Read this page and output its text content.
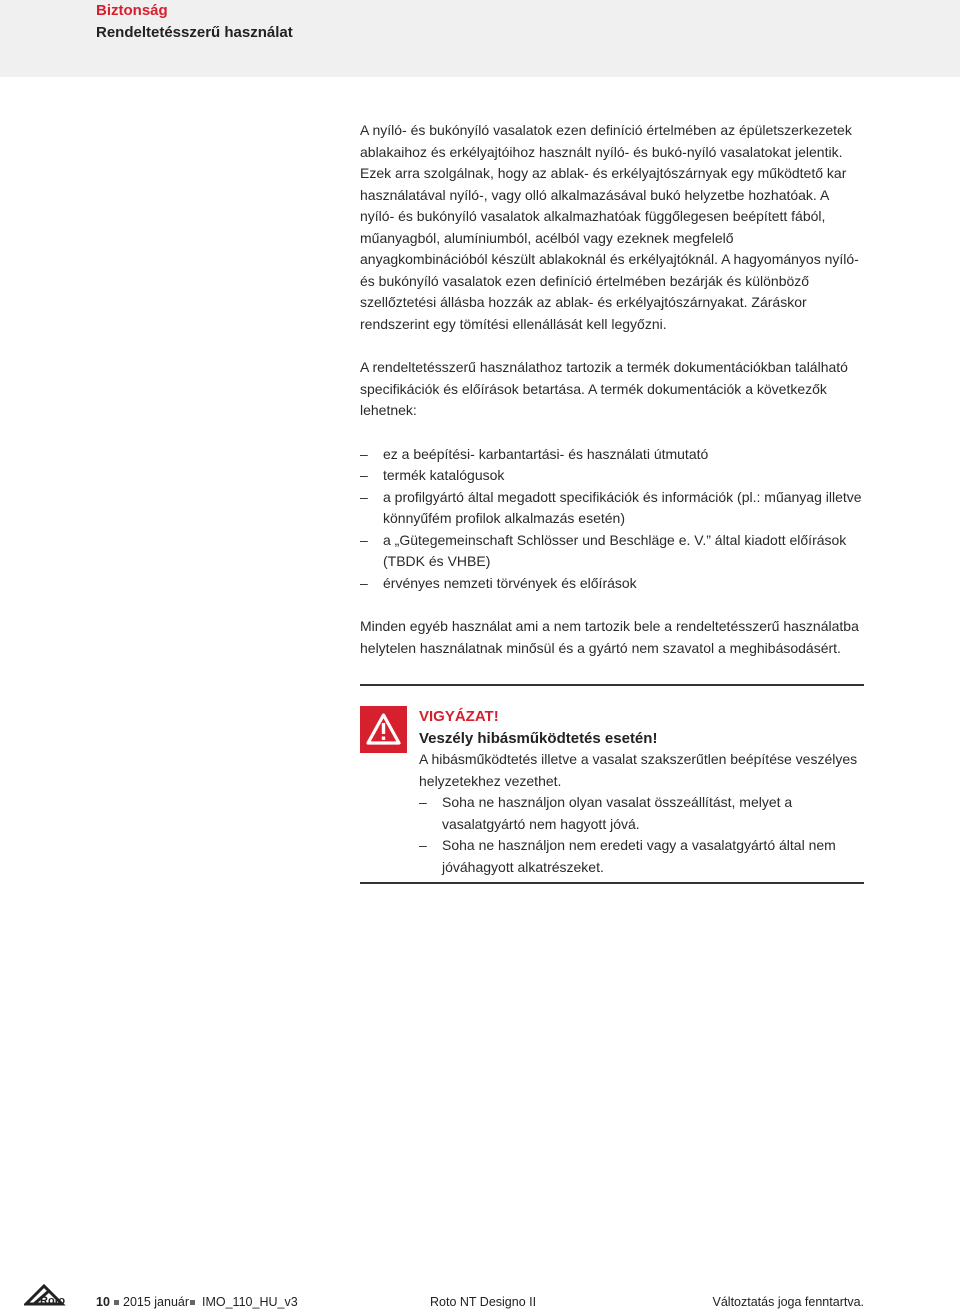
Biztonság
Rendeltetésszerű használat

A nyíló- és bukónyíló vasalatok ezen definíció értelmében az épületszerkezetek ablakaihoz és erkélyajtóihoz használt nyíló- és bukó-nyíló vasalatokat jelentik. Ezek arra szolgálnak, hogy az ablak- és erkélyajtószárnyak egy működtető kar használatával nyíló-, vagy olló alkalmazásával bukó helyzetbe hozhatóak. A nyíló- és bukónyíló vasalatok alkalmazhatóak függőlegesen beépített fából, műanyagból, alumíniumból, acélból vagy ezeknek megfelelő anyagkombinációból készült ablakoknál és erkélyajtóknál. A hagyományos nyíló- és bukónyíló vasalatok ezen definíció értelmében bezárják és különböző szellőztetési állásba hozzák az ablak- és erkélyajtószárnyakat. Záráskor rendszerint egy tömítési ellenállását kell legyőzni.

A rendeltetésszerű használathoz tartozik a termék dokumentációkban található specifikációk és előírások betartása. A termék dokumentációk a következők lehetnek:

– ez a beépítési- karbantartási- és használati útmutató
– termék katalógusok
– a profilgyártó által megadott specifikációk és információk (pl.: műanyag illetve könnyűfém profilok alkalmazás esetén)
– a „Gütegemeinschaft Schlösser und Beschläge e. V.” által kiadott előírások (TBDK és VHBE)
– érvényes nemzeti törvények és előírások

Minden egyéb használat ami a nem tartozik bele a rendeltetésszerű használatba helytelen használatnak minősül és a gyártó nem szavatol a meghibásodásért.

VIGYÁZAT!
Veszély hibásműködtetés esetén!
A hibásműködtetés illetve a vasalat szakszerűtlen beépítése veszélyes helyzetekhez vezethet.
– Soha ne használjon olyan vasalat összeállítást, melyet a vasalatgyártó nem hagyott jóvá.
– Soha ne használjon nem eredeti vagy a vasalatgyártó által nem jóváhagyott alkatrészeket.
Roto 10 2015 január IMO_110_HU_v3	Roto NT Designo II	Változtatás joga fenntartva.
